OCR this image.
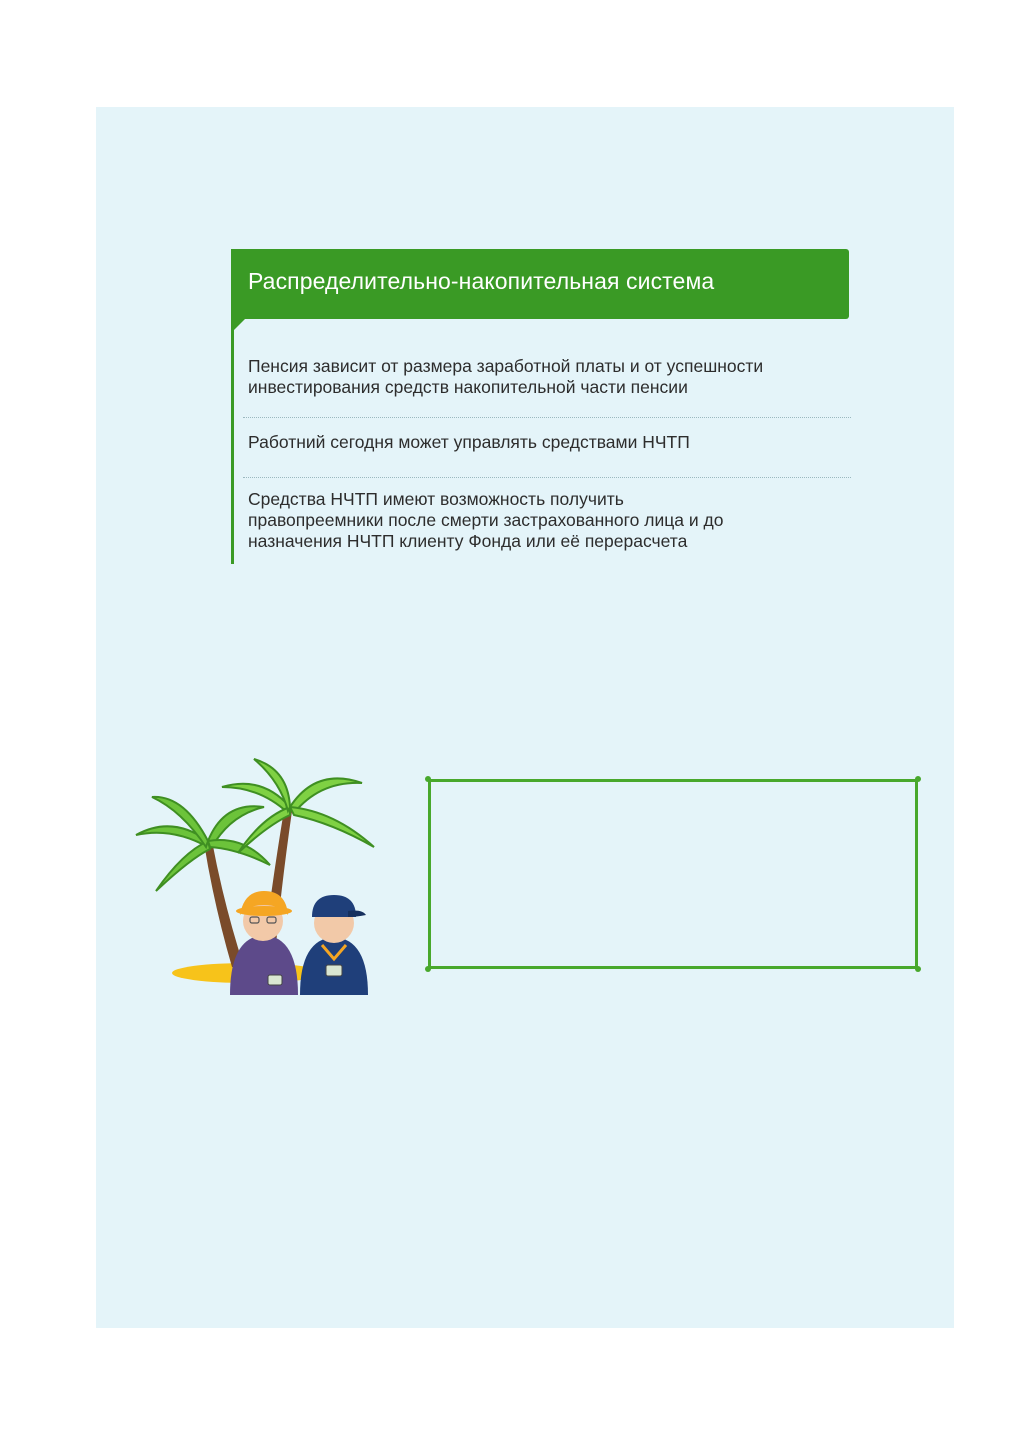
Распределительно-накопительная система
Пенсия зависит от размера заработной платы и от успешности
инвестирования средств накопительной части пенсии
Работний сегодня может управлять средствами НЧТП
Средства НЧТП имеют возможность получить
правопреемники после смерти застрахованного лица и до
назначения НЧТП клиенту Фонда или её перерасчета
